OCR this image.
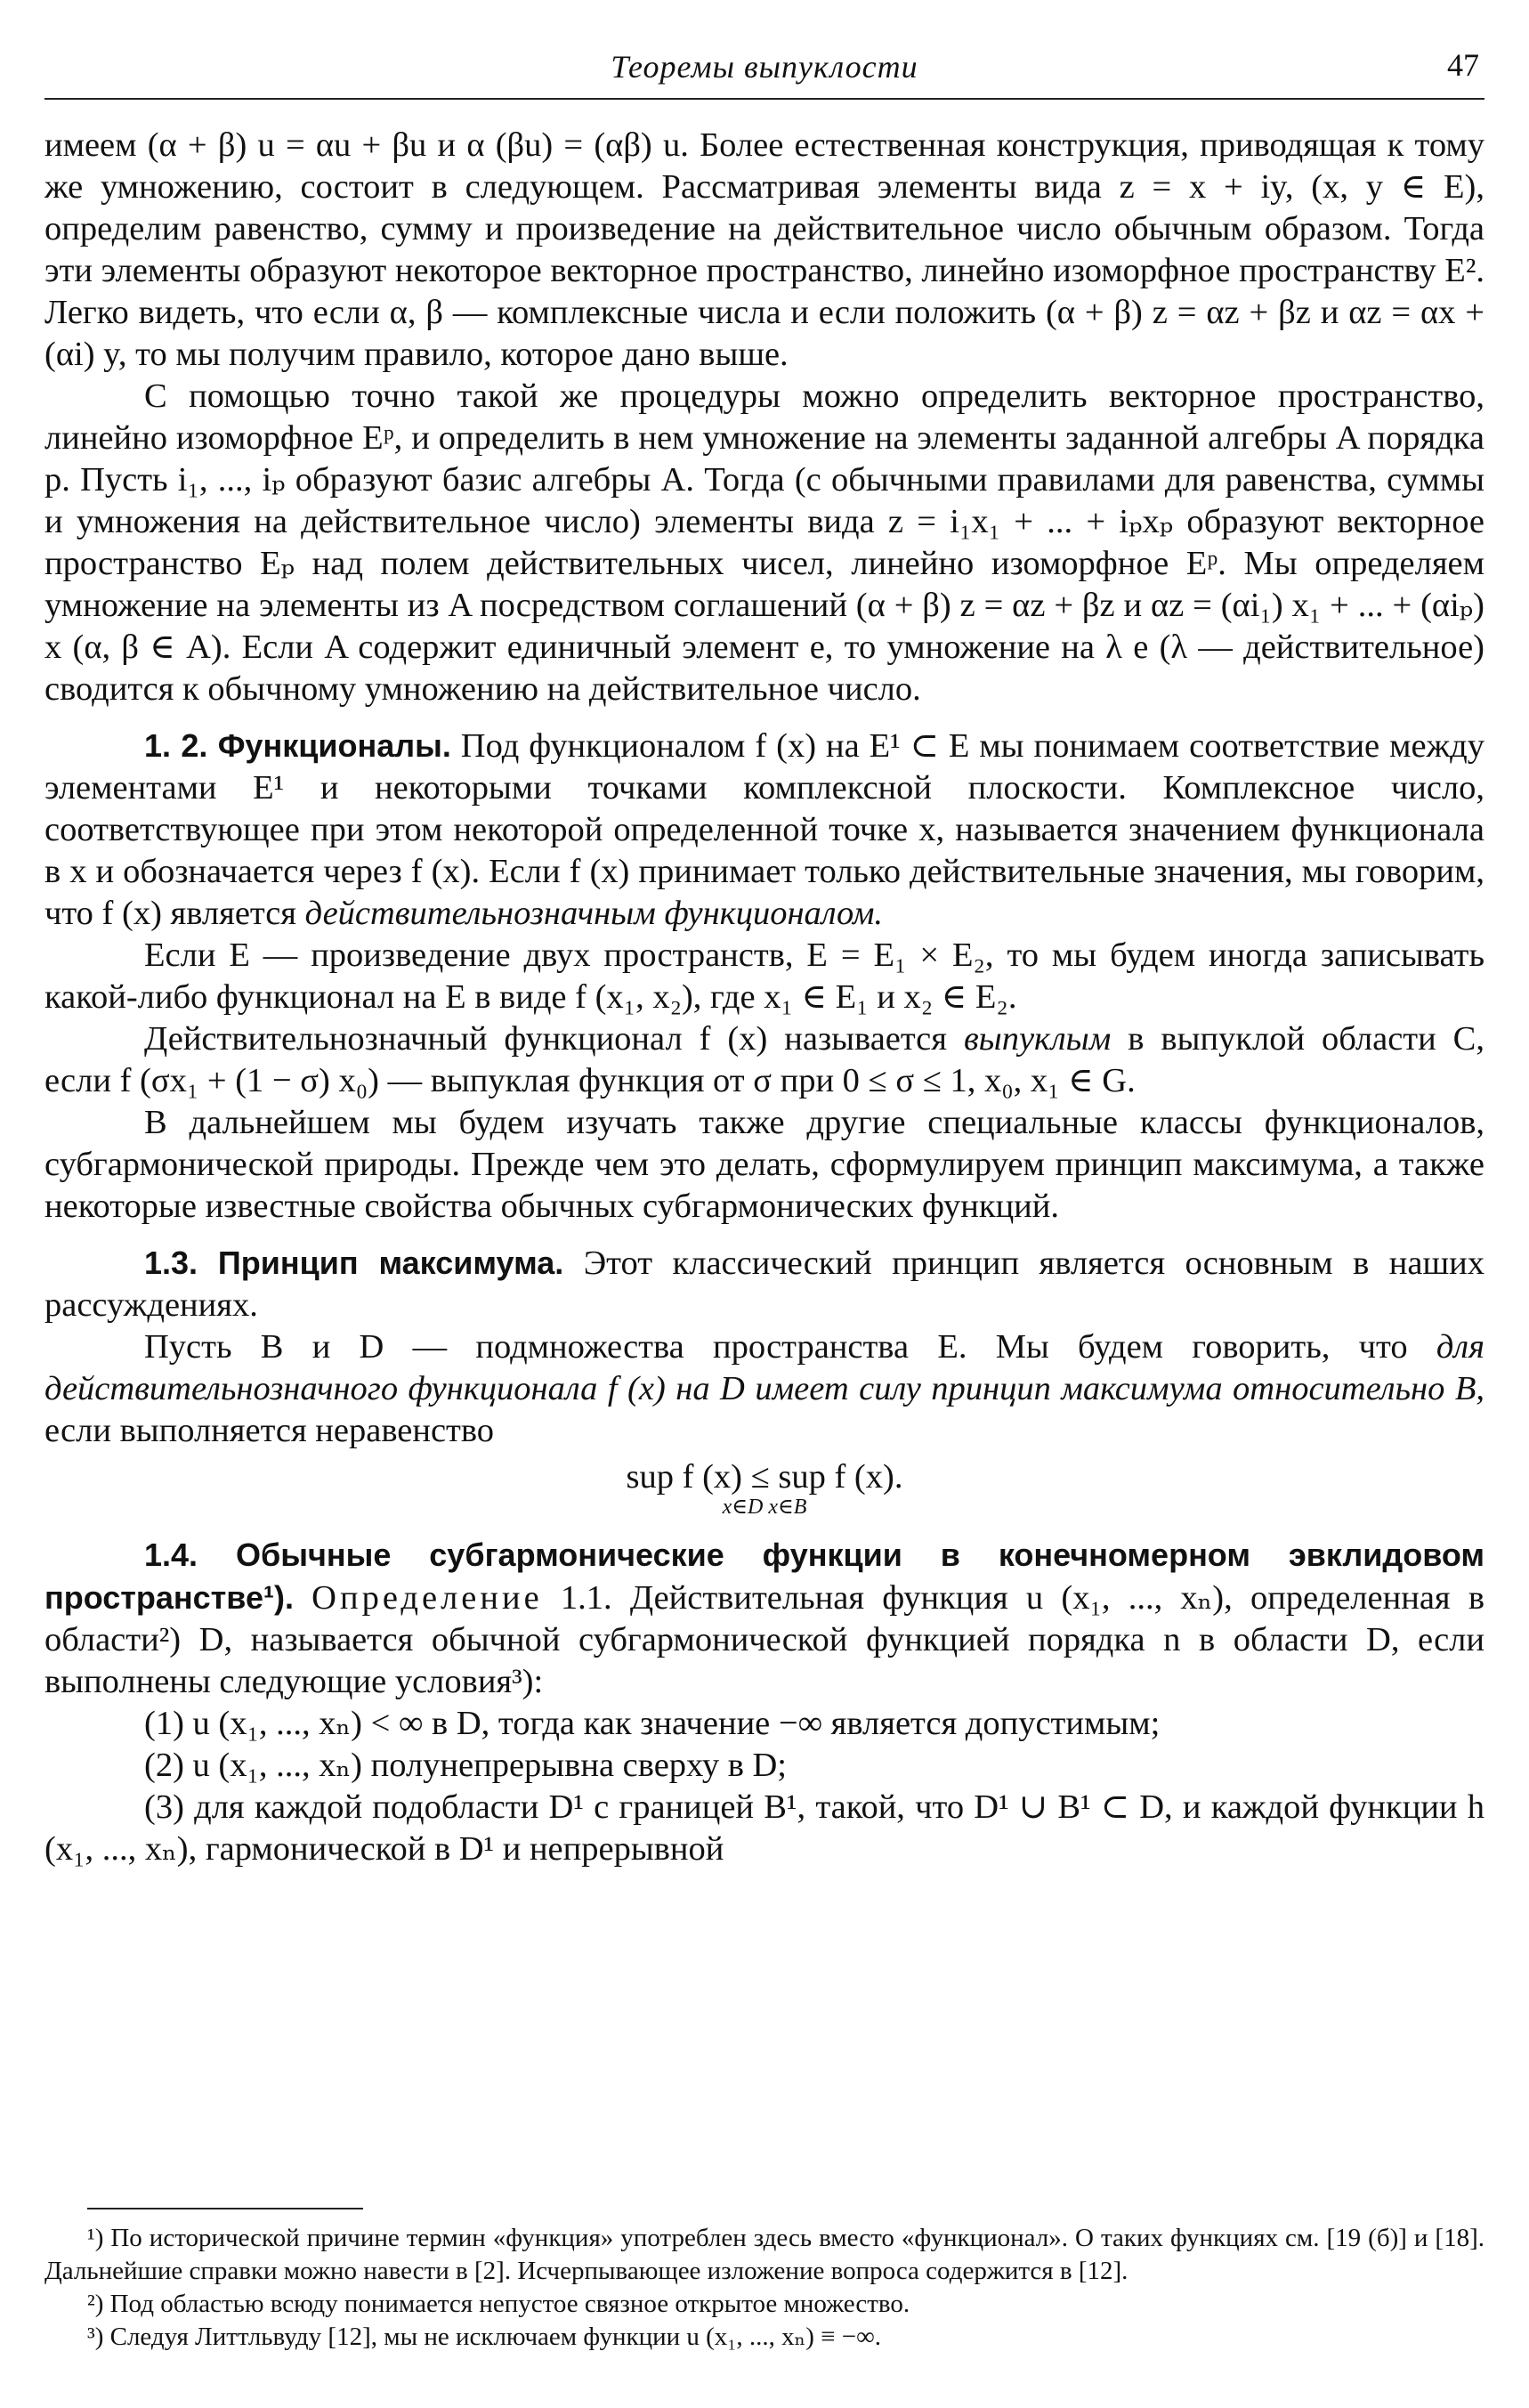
Теоремы выпуклости	47

имеем (α + β) u = αu + βu и α (βu) = (αβ) u. Более естественная конструкция, приводящая к тому же умножению, состоит в следующем. Рассматривая элементы вида z = x + iy, (x, y ∈ E), определим равенство, сумму и произведение на действительное число обычным образом. Тогда эти элементы образуют некоторое векторное пространство, линейно изоморфное пространству E². Легко видеть, что если α, β — комплексные числа и если положить (α + β) z = αz + βz и αz = αx + (αi) y, то мы получим правило, которое дано выше.

С помощью точно такой же процедуры можно определить векторное пространство, линейно изоморфное Eᵖ, и определить в нем умножение на элементы заданной алгебры A порядка p. Пусть i₁, ..., iₚ образуют базис алгебры A. Тогда (с обычными правилами для равенства, суммы и умножения на действительное число) элементы вида z = i₁x₁ + ... + iₚxₚ образуют векторное пространство Eₚ над полем действительных чисел, линейно изоморфное Eᵖ. Мы определяем умножение на элементы из A посредством соглашений (α + β) z = αz + βz и αz = (αi₁) x₁ + ... + (αiₚ) x (α, β ∈ A). Если A содержит единичный элемент e, то умножение на λ e (λ — действительное) сводится к обычному умножению на действительное число.

1. 2. Функционалы. Под функционалом f (x) на E¹ ⊂ E мы понимаем соответствие между элементами E¹ и некоторыми точками комплексной плоскости. Комплексное число, соответствующее при этом некоторой определенной точке x, называется значением функционала в x и обозначается через f (x). Если f (x) принимает только действительные значения, мы говорим, что f (x) является действительнозначным функционалом.

Если E — произведение двух пространств, E = E₁ × E₂, то мы будем иногда записывать какой-либо функционал на E в виде f (x₁, x₂), где x₁ ∈ E₁ и x₂ ∈ E₂.

Действительнозначный функционал f (x) называется выпуклым в выпуклой области C, если f (σx₁ + (1 − σ) x₀) — выпуклая функция от σ при 0 ≤ σ ≤ 1, x₀, x₁ ∈ G.

В дальнейшем мы будем изучать также другие специальные классы функционалов, субгармонической природы. Прежде чем это делать, сформулируем принцип максимума, а также некоторые известные свойства обычных субгармонических функций.

1.3. Принцип максимума. Этот классический принцип является основным в наших рассуждениях.

Пусть B и D — подмножества пространства E. Мы будем говорить, что для действительнозначного функционала f (x) на D имеет силу принцип максимума относительно B, если выполняется неравенство

sup f (x) ≤ sup f (x).
x∈D x∈B

1.4. Обычные субгармонические функции в конечномерном эвклидовом пространстве¹). Определение 1.1. Действительная функция u (x₁, ..., xₙ), определенная в области²) D, называется обычной субгармонической функцией порядка n в области D, если выполнены следующие условия³):

(1) u (x₁, ..., xₙ) < ∞ в D, тогда как значение −∞ является допустимым;

(2) u (x₁, ..., xₙ) полунепрерывна сверху в D;

(3) для каждой подобласти D¹ с границей B¹, такой, что D¹ ∪ B¹ ⊂ D, и каждой функции h (x₁, ..., xₙ), гармонической в D¹ и непрерывной

¹) По исторической причине термин «функция» употреблен здесь вместо «функционал». О таких функциях см. [19 (б)] и [18]. Дальнейшие справки можно навести в [2]. Исчерпывающее изложение вопроса содержится в [12].

²) Под областью всюду понимается непустое связное открытое множество.

³) Следуя Литтльвуду [12], мы не исключаем функции u (x₁, ..., xₙ) ≡ −∞.
